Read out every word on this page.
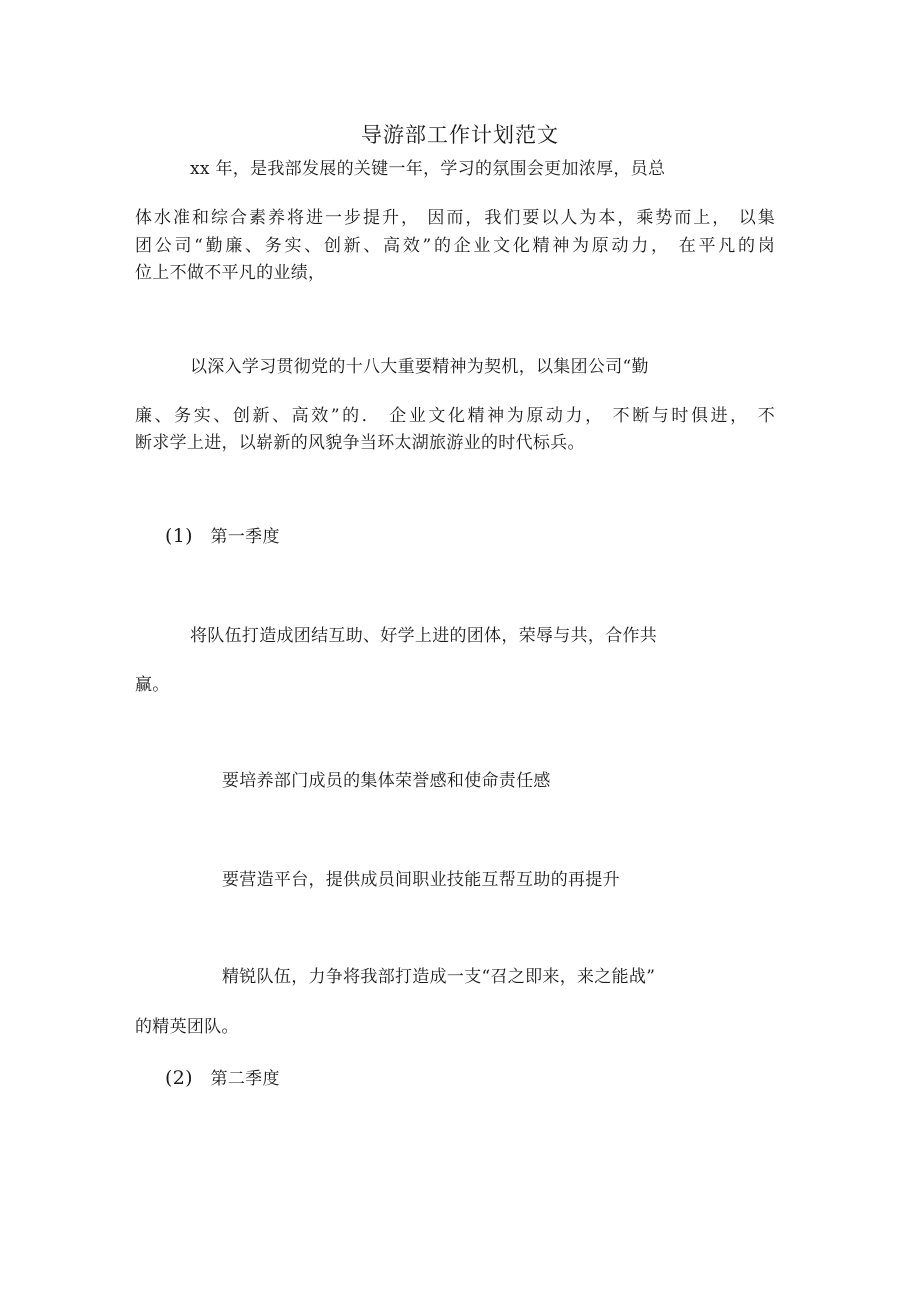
导游部工作计划范文
xx 年，是我部发展的关键一年，学习的氛围会更加浓厚，员总
体水准和综合素养将进一步提升， 因而，我们要以人为本，乘势而上， 以集
团公司“勤廉、务实、创新、高效”的企业文化精神为原动力， 在平凡的岗
位上不做不平凡的业绩，
以深入学习贯彻党的十八大重要精神为契机，以集团公司“勤
廉、务实、创新、高效”的． 企业文化精神为原动力， 不断与时俱进， 不
断求学上进，以崭新的风貌争当环太湖旅游业的时代标兵。
(1) 第一季度
将队伍打造成团结互助、好学上进的团体，荣辱与共，合作共
赢。
要培养部门成员的集体荣誉感和使命责任感
要营造平台，提供成员间职业技能互帮互助的再提升
精锐队伍，力争将我部打造成一支“召之即来，来之能战”
的精英团队。
(2) 第二季度
